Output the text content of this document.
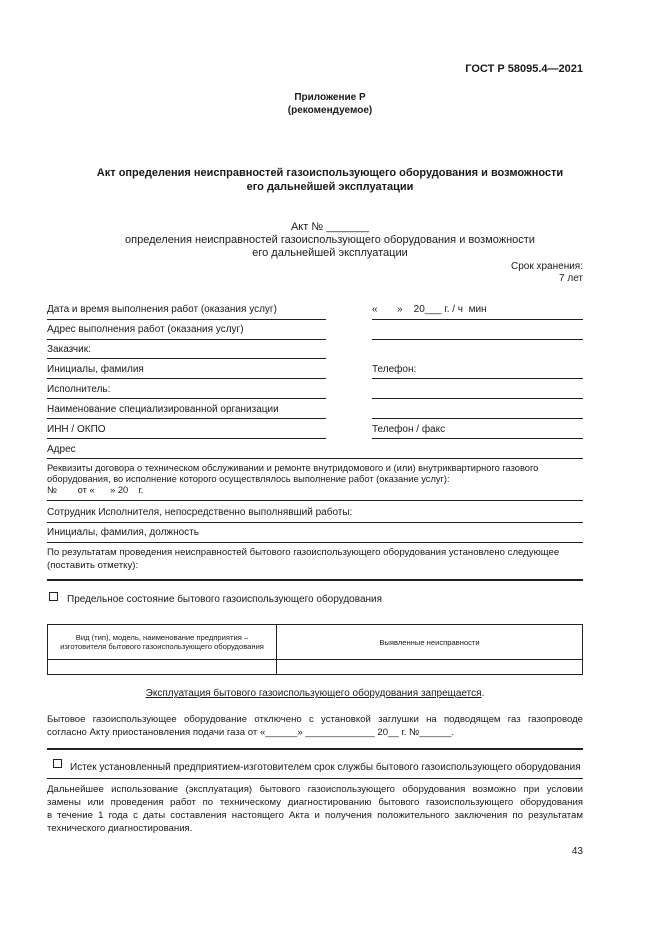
ГОСТ Р 58095.4—2021
Приложение Р
(рекомендуемое)
Акт определения неисправностей газоиспользующего оборудования и возможности
его дальнейшей эксплуатации
Акт № _______
определения неисправностей газоиспользующего оборудования и возможности
его дальнейшей эксплуатации
Срок хранения:
7 лет
Дата и время выполнения работ (оказания услуг)	«       »    20___ г. / ч  мин
Адрес выполнения работ (оказания услуг)
Заказчик:
Инициалы, фамилия	Телефон:
Исполнитель:
Наименование специализированной организации
ИНН / ОКПО	Телефон / факс
Адрес
Реквизиты договора о техническом обслуживании и ремонте внутридомового и (или) внутриквартирного газового
оборудования, во исполнение которого осуществлялось выполнение работ (оказание услуг):
№        от «      » 20    г.
Сотрудник Исполнителя, непосредственно выполнявший работы:
Инициалы, фамилия, должность
По результатам проведения неисправностей бытового газоиспользующего оборудования установлено следующее
(поставить отметку):
Предельное состояние бытового газоиспользующего оборудования
Вид (тип), модель, наименование предприятия – изготовителя бытового газоиспользующего оборудования	Выявленные неисправности

Эксплуатация бытового газоиспользующего оборудования запрещается.
Бытовое газоиспользующее оборудование отключено с установкой заглушки на подводящем газ газопроводе
согласно Акту приостановления подачи газа от «______» _____________ 20__ г. №______.
Истек установленный предприятием-изготовителем срок службы бытового газоиспользующего оборудования
Дальнейшее использование (эксплуатация) бытового газоиспользующего оборудования возможно при условии
замены или проведения работ по техническому диагностированию бытового газоиспользующего оборудования
в течение 1 года с даты составления настоящего Акта и получения положительного заключения по результатам
технического диагностирования.
43
